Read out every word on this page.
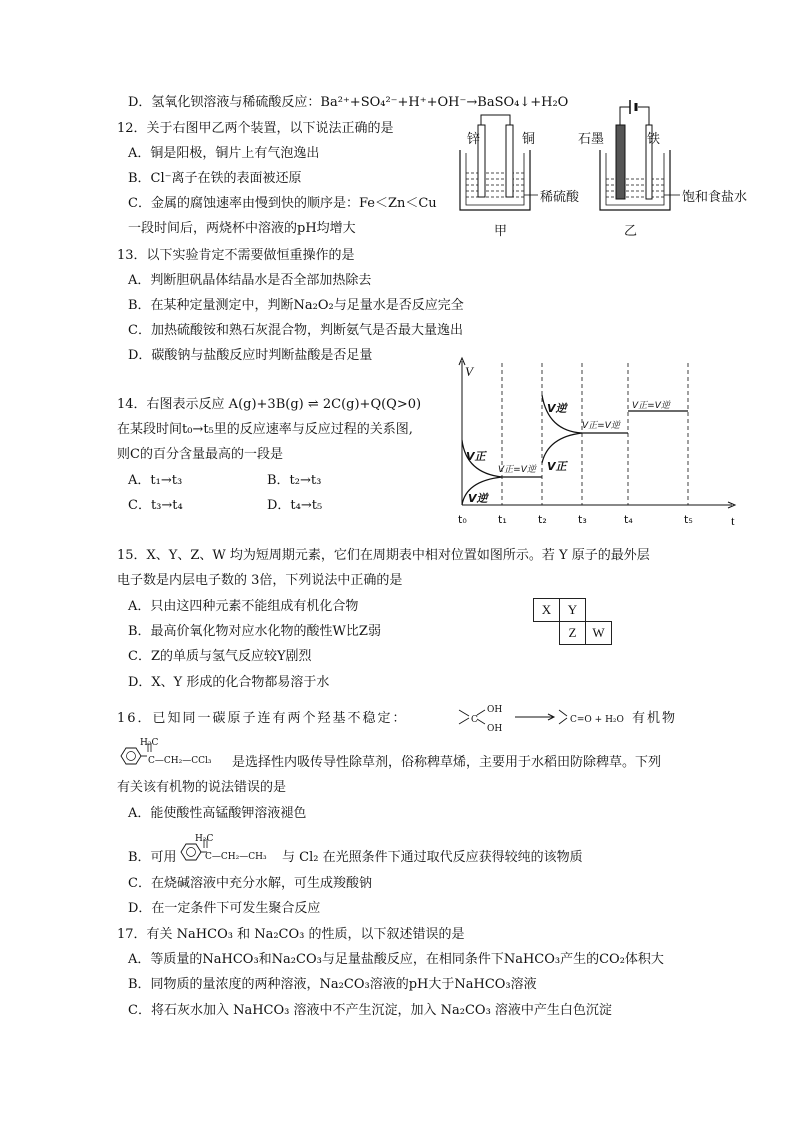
D．氢氧化钡溶液与稀硫酸反应：Ba²⁺+SO₄²⁻+H⁺+OH⁻→BaSO₄↓+H₂O
12．关于右图甲乙两个装置，以下说法正确的是
A．铜是阳极，铜片上有气泡逸出
B．Cl⁻离子在铁的表面被还原
C．金属的腐蚀速率由慢到快的顺序是：Fe＜Zn＜Cu
一段时间后，两烧杯中溶液的pH均增大
锌	铜
稀硫酸
甲
石墨	铁
饱和食盐水
乙
13．以下实验肯定不需要做恒重操作的是
A．判断胆矾晶体结晶水是否全部加热除去
B．在某种定量测定中，判断Na₂O₂与足量水是否反应完全
C．加热硫酸铵和熟石灰混合物，判断氨气是否最大量逸出
D．碳酸钠与盐酸反应时判断盐酸是否足量
14．右图表示反应 A(g)+3B(g) ⇌ 2C(g)+Q(Q>0)
在某段时间t₀→t₅里的反应速率与反应过程的关系图,
则C的百分含量最高的一段是
A．t₁→t₃	B．t₂→t₃
C．t₃→t₄	D．t₄→t₅
V
t
t₀	t₁	t₂	t₃	t₄	t₅
V正
V逆
V正=V逆
V逆
V正
V正=V逆
V正=V逆
15．X、Y、Z、W 均为短周期元素，它们在周期表中相对位置如图所示。若 Y 原子的最外层
电子数是内层电子数的 3倍，下列说法中正确的是
A．只由这四种元素不能组成有机化合物
B．最高价氧化物对应水化物的酸性W比Z弱
C．Z的单质与氢气反应较Y剧烈
D．X、Y 形成的化合物都易溶于水
X	Y	
	Z	W
16．已知同一碳原子连有两个羟基不稳定：	C
OH
OH
C=O + H₂O 有机物
H₂C
C—CH₂—CCl₃ 是选择性内吸传导性除草剂，俗称稗草烯，主要用于水稻田防除稗草。下列
有关该有机物的说法错误的是
A．能使酸性高锰酸钾溶液褪色
B．可用
H₂C
C—CH₂—CH₃ 与 Cl₂ 在光照条件下通过取代反应获得较纯的该物质
C．在烧碱溶液中充分水解，可生成羧酸钠
D．在一定条件下可发生聚合反应
17．有关 NaHCO₃ 和 Na₂CO₃ 的性质，以下叙述错误的是
A．等质量的NaHCO₃和Na₂CO₃与足量盐酸反应，在相同条件下NaHCO₃产生的CO₂体积大
B．同物质的量浓度的两种溶液，Na₂CO₃溶液的pH大于NaHCO₃溶液
C．将石灰水加入 NaHCO₃ 溶液中不产生沉淀，加入 Na₂CO₃ 溶液中产生白色沉淀
